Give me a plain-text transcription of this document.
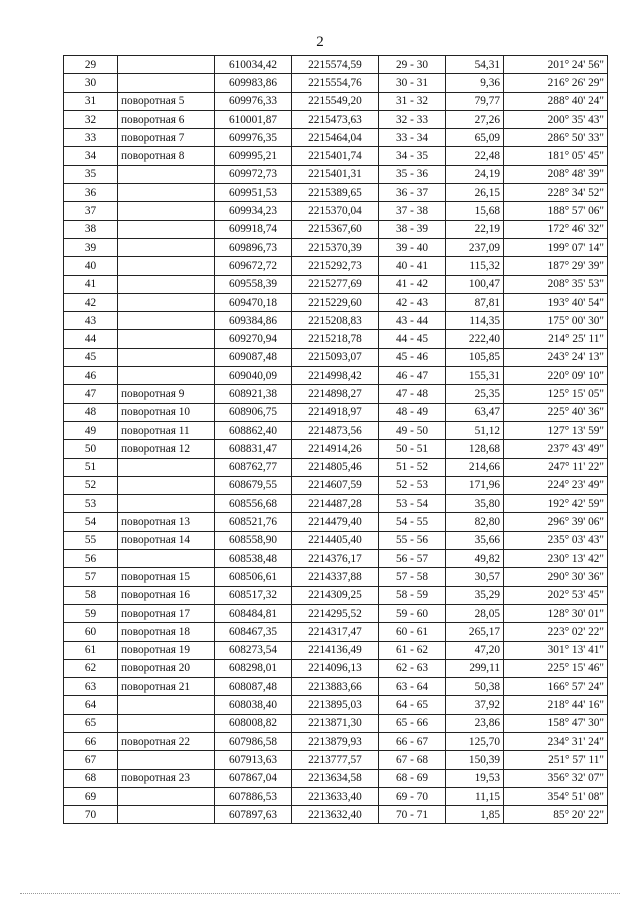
2
29		610034,42	2215574,59	29 - 30	54,31	201° 24' 56"
30		609983,86	2215554,76	30 - 31	9,36	216° 26' 29"
31	поворотная 5	609976,33	2215549,20	31 - 32	79,77	288° 40' 24"
32	поворотная 6	610001,87	2215473,63	32 - 33	27,26	200° 35' 43"
33	поворотная 7	609976,35	2215464,04	33 - 34	65,09	286° 50' 33"
34	поворотная 8	609995,21	2215401,74	34 - 35	22,48	181° 05' 45"
35		609972,73	2215401,31	35 - 36	24,19	208° 48' 39"
36		609951,53	2215389,65	36 - 37	26,15	228° 34' 52"
37		609934,23	2215370,04	37 - 38	15,68	188° 57' 06"
38		609918,74	2215367,60	38 - 39	22,19	172° 46' 32"
39		609896,73	2215370,39	39 - 40	237,09	199° 07' 14"
40		609672,72	2215292,73	40 - 41	115,32	187° 29' 39"
41		609558,39	2215277,69	41 - 42	100,47	208° 35' 53"
42		609470,18	2215229,60	42 - 43	87,81	193° 40' 54"
43		609384,86	2215208,83	43 - 44	114,35	175° 00' 30"
44		609270,94	2215218,78	44 - 45	222,40	214° 25' 11"
45		609087,48	2215093,07	45 - 46	105,85	243° 24' 13"
46		609040,09	2214998,42	46 - 47	155,31	220° 09' 10"
47	поворотная 9	608921,38	2214898,27	47 - 48	25,35	125° 15' 05"
48	поворотная 10	608906,75	2214918,97	48 - 49	63,47	225° 40' 36"
49	поворотная 11	608862,40	2214873,56	49 - 50	51,12	127° 13' 59"
50	поворотная 12	608831,47	2214914,26	50 - 51	128,68	237° 43' 49"
51		608762,77	2214805,46	51 - 52	214,66	247° 11' 22"
52		608679,55	2214607,59	52 - 53	171,96	224° 23' 49"
53		608556,68	2214487,28	53 - 54	35,80	192° 42' 59"
54	поворотная 13	608521,76	2214479,40	54 - 55	82,80	296° 39' 06"
55	поворотная 14	608558,90	2214405,40	55 - 56	35,66	235° 03' 43"
56		608538,48	2214376,17	56 - 57	49,82	230° 13' 42"
57	поворотная 15	608506,61	2214337,88	57 - 58	30,57	290° 30' 36"
58	поворотная 16	608517,32	2214309,25	58 - 59	35,29	202° 53' 45"
59	поворотная 17	608484,81	2214295,52	59 - 60	28,05	128° 30' 01"
60	поворотная 18	608467,35	2214317,47	60 - 61	265,17	223° 02' 22"
61	поворотная 19	608273,54	2214136,49	61 - 62	47,20	301° 13' 41"
62	поворотная 20	608298,01	2214096,13	62 - 63	299,11	225° 15' 46"
63	поворотная 21	608087,48	2213883,66	63 - 64	50,38	166° 57' 24"
64		608038,40	2213895,03	64 - 65	37,92	218° 44' 16"
65		608008,82	2213871,30	65 - 66	23,86	158° 47' 30"
66	поворотная 22	607986,58	2213879,93	66 - 67	125,70	234° 31' 24"
67		607913,63	2213777,57	67 - 68	150,39	251° 57' 11"
68	поворотная 23	607867,04	2213634,58	68 - 69	19,53	356° 32' 07"
69		607886,53	2213633,40	69 - 70	11,15	354° 51' 08"
70		607897,63	2213632,40	70 - 71	1,85	85° 20' 22"
